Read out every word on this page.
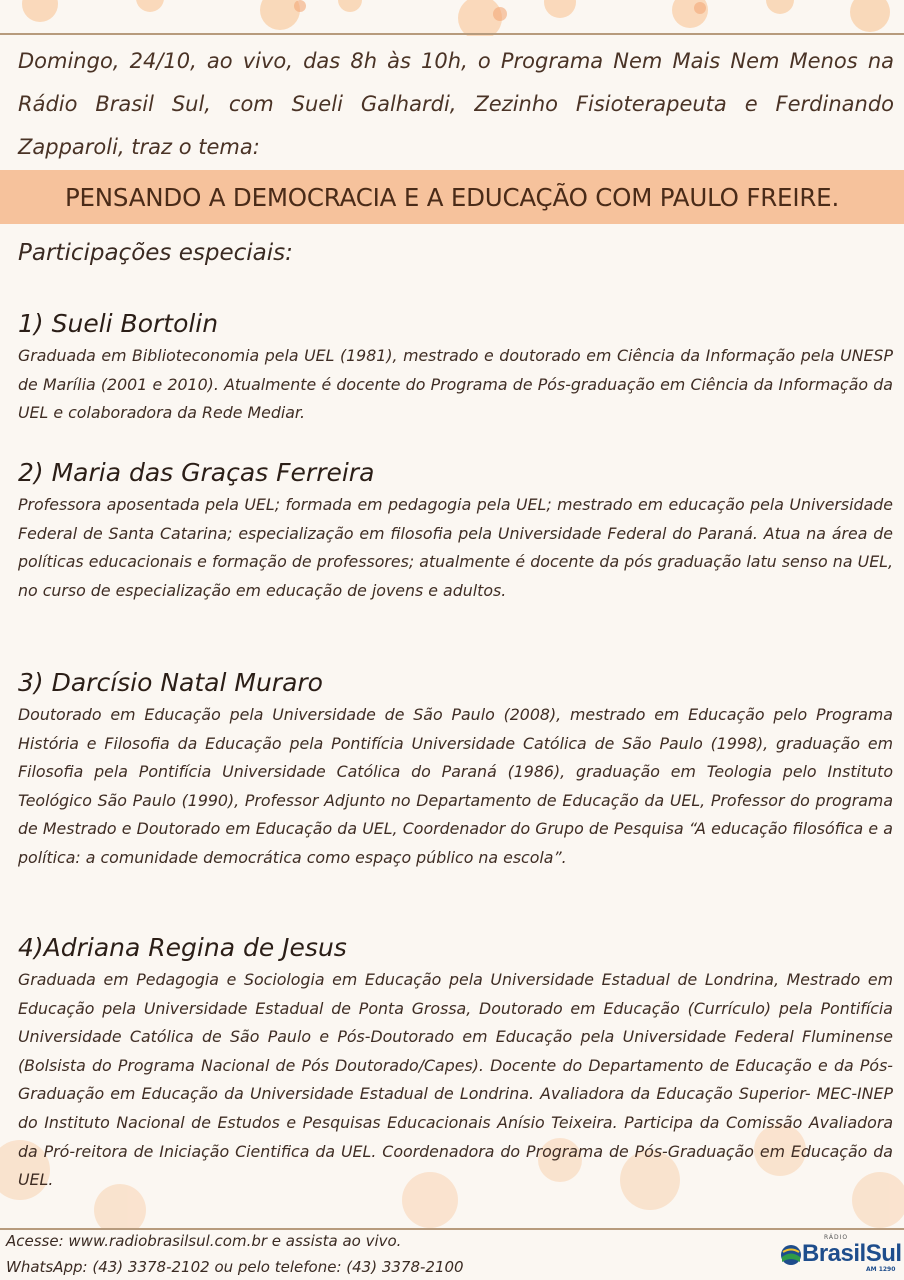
Domingo, 24/10, ao vivo, das 8h às 10h, o Programa Nem Mais Nem Menos na Rádio Brasil Sul, com Sueli Galhardi, Zezinho Fisioterapeuta e Ferdinando Zapparoli, traz o tema:
PENSANDO A DEMOCRACIA E A EDUCAÇÃO COM PAULO FREIRE.
Participações especiais:

1) Sueli Bortolin

Graduada em Biblioteconomia pela UEL (1981), mestrado e doutorado em Ciência da Informação pela UNESP de Marília (2001 e 2010). Atualmente é docente do Programa de Pós-graduação em Ciência da Informação da UEL e colaboradora da Rede Mediar.

2) Maria das Graças Ferreira

Professora aposentada pela UEL; formada em pedagogia pela UEL; mestrado em educação pela Universidade Federal de Santa Catarina; especialização em filosofia pela Universidade Federal do Paraná. Atua na área de políticas educacionais e formação de professores; atualmente é docente da pós graduação latu senso na UEL, no curso de especialização em educação de jovens e adultos.

3) Darcísio Natal Muraro

Doutorado em Educação pela Universidade de São Paulo (2008), mestrado em Educação pelo Programa História e Filosofia da Educação pela Pontifícia Universidade Católica de São Paulo (1998), graduação em Filosofia pela Pontifícia Universidade Católica do Paraná (1986), graduação em Teologia pelo Instituto Teológico São Paulo (1990), Professor Adjunto no Departamento de Educação da UEL, Professor do programa de Mestrado e Doutorado em Educação da UEL, Coordenador do Grupo de Pesquisa “A educação filosófica e a política: a comunidade democrática como espaço público na escola”.

4)Adriana Regina de Jesus

Graduada em Pedagogia e Sociologia em Educação pela Universidade Estadual de Londrina, Mestrado em Educação pela Universidade Estadual de Ponta Grossa, Doutorado em Educação (Currículo) pela Pontifícia Universidade Católica de São Paulo e Pós-Doutorado em Educação pela Universidade Federal Fluminense (Bolsista do Programa Nacional de Pós Doutorado/Capes). Docente do Departamento de Educação e da Pós-Graduação em Educação da Universidade Estadual de Londrina. Avaliadora da Educação Superior- MEC-INEP do Instituto Nacional de Estudos e Pesquisas Educacionais Anísio Teixeira. Participa da Comissão Avaliadora da Pró-reitora de Iniciação Cientifica da UEL. Coordenadora do Programa de Pós-Graduação em Educação da UEL.

Acesse: www.radiobrasilsul.com.br e assista ao vivo.
WhatsApp: (43) 3378-2102 ou pelo telefone: (43) 3378-2100
RÁDIO
BrasilSul
AM 1290
